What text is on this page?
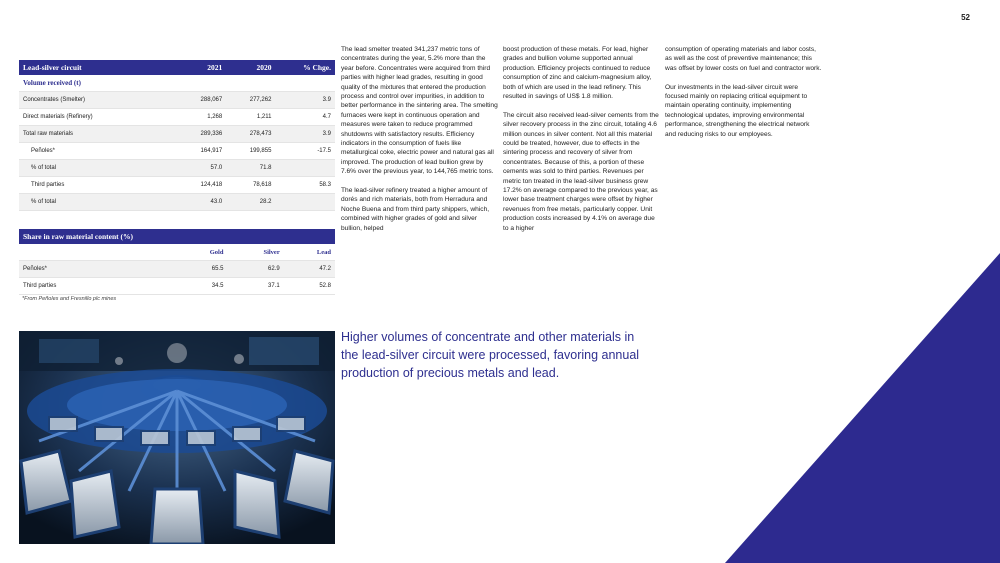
52
Lead-silver circuit	2021	2020	% Chge.
Volume received (t)			
Concentrates (Smelter)	288,067	277,262	3.9
Direct materials (Refinery)	1,268	1,211	4.7
Total raw materials	289,336	278,473	3.9
Peñoles*	164,917	199,855	-17.5
% of total	57.0	71.8	
Third parties	124,418	78,618	58.3
% of total	43.0	28.2	
Share in raw material content (%)			
	Gold	Silver	Lead
Peñoles*	65.5	62.9	47.2
Third parties	34.5	37.1	52.8
*From Peñoles and Fresnillo plc mines

The lead smelter treated 341,237 metric tons of concentrates during the year, 5.2% more than the year before. Concentrates were acquired from third parties with higher lead grades, resulting in good quality of the mixtures that entered the production process and control over impurities, in addition to better performance in the sintering area. The smelting furnaces were kept in continuous operation and measures were taken to reduce programmed shutdowns with satisfactory results. Efficiency indicators in the consumption of fuels like metallurgical coke, electric power and natural gas all improved. The production of lead bullion grew by 7.6% over the previous year, to 144,765 metric tons.

The lead-silver refinery treated a higher amount of dorés and rich materials, both from Herradura and Noche Buena and from third party shippers, which, combined with higher grades of gold and silver bullion, helped

boost production of these metals. For lead, higher grades and bullion volume supported annual production. Efficiency projects continued to reduce consumption of zinc and calcium-magnesium alloy, both of which are used in the lead refinery. This resulted in savings of US$ 1.8 million.

The circuit also received lead-silver cements from the silver recovery process in the zinc circuit, totaling 4.6 million ounces in silver content. Not all this material could be treated, however, due to effects in the sintering process and recovery of silver from concentrates. Because of this, a portion of these cements was sold to third parties. Revenues per metric ton treated in the lead-silver business grew 17.2% on average compared to the previous year, as lower base treatment charges were offset by higher revenues from free metals, particularly copper. Unit production costs increased by 4.1% on average due to a higher

consumption of operating materials and labor costs, as well as the cost of preventive maintenance; this was offset by lower costs on fuel and contractor work.

Our investments in the lead-silver circuit were focused mainly on replacing critical equipment to maintain operating continuity, implementing technological updates, improving environmental performance, strengthening the electrical network and reducing risks to our employees.

Higher volumes of concentrate and other materials in the lead-silver circuit were processed, favoring annual production of precious metals and lead.
